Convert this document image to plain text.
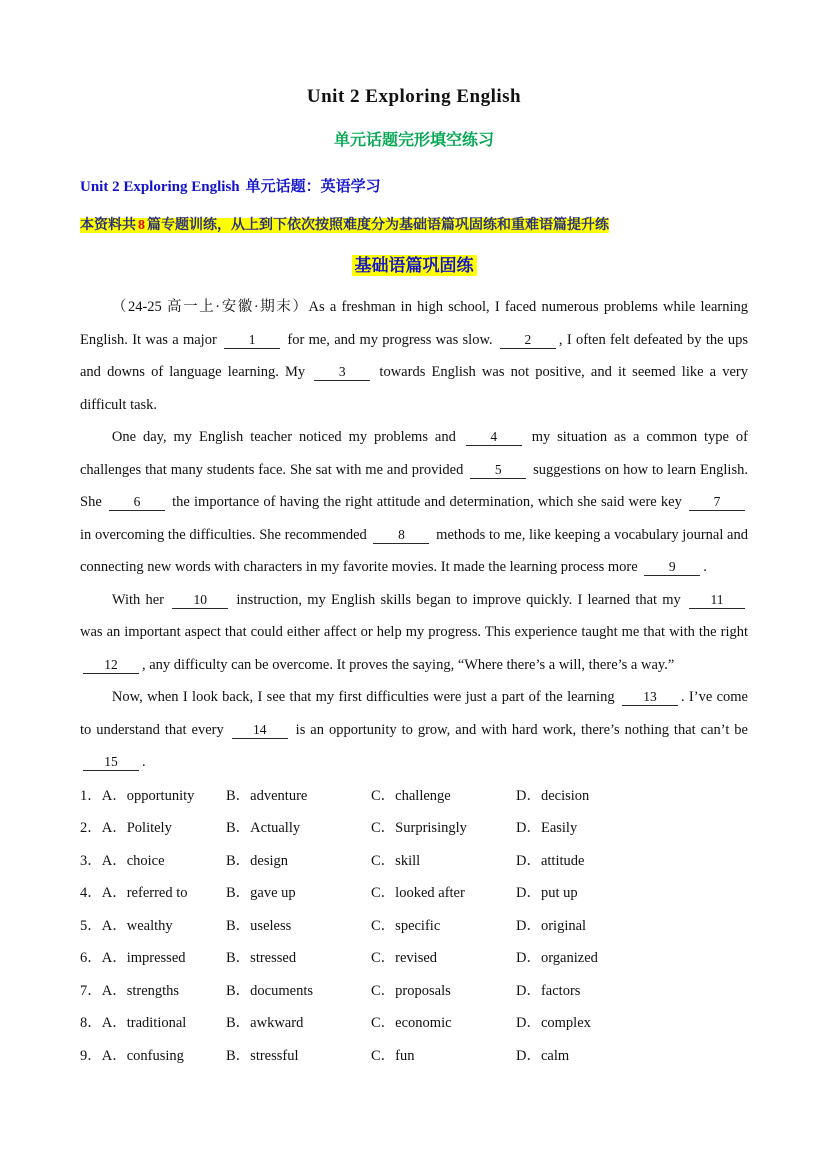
Unit 2 Exploring English
单元话题完形填空练习
Unit 2 Exploring English 单元话题：英语学习
本资料共 8 篇专题训练，从上到下依次按照难度分为基础语篇巩固练和重难语篇提升练
基础语篇巩固练

（24-25 高一上·安徽·期末）As a freshman in high school, I faced numerous problems while learning English. It was a major 1 for me, and my progress was slow. 2 , I often felt defeated by the ups and downs of language learning. My 3 towards English was not positive, and it seemed like a very difficult task.

One day, my English teacher noticed my problems and 4 my situation as a common type of challenges that many students face. She sat with me and provided 5 suggestions on how to learn English. She 6 the importance of having the right attitude and determination, which she said were key 7 in overcoming the difficulties. She recommended 8 methods to me, like keeping a vocabulary journal and connecting new words with characters in my favorite movies. It made the learning process more 9 .

With her 10 instruction, my English skills began to improve quickly. I learned that my 11 was an important aspect that could either affect or help my progress. This experience taught me that with the right 12 , any difficulty can be overcome. It proves the saying, “Where there’s a will, there’s a way.”

Now, when I look back, I see that my first difficulties were just a part of the learning 13 . I’ve come to understand that every 14 is an opportunity to grow, and with hard work, there’s nothing that can’t be 15 .

1．A．opportunity	B．adventure	C．challenge	D．decision
2．A．Politely	B．Actually	C．Surprisingly	D．Easily
3．A．choice	B．design	C．skill	D．attitude
4．A．referred to	B．gave up	C．looked after	D．put up
5．A．wealthy	B．useless	C．specific	D．original
6．A．impressed	B．stressed	C．revised	D．organized
7．A．strengths	B．documents	C．proposals	D．factors
8．A．traditional	B．awkward	C．economic	D．complex
9．A．confusing	B．stressful	C．fun	D．calm
